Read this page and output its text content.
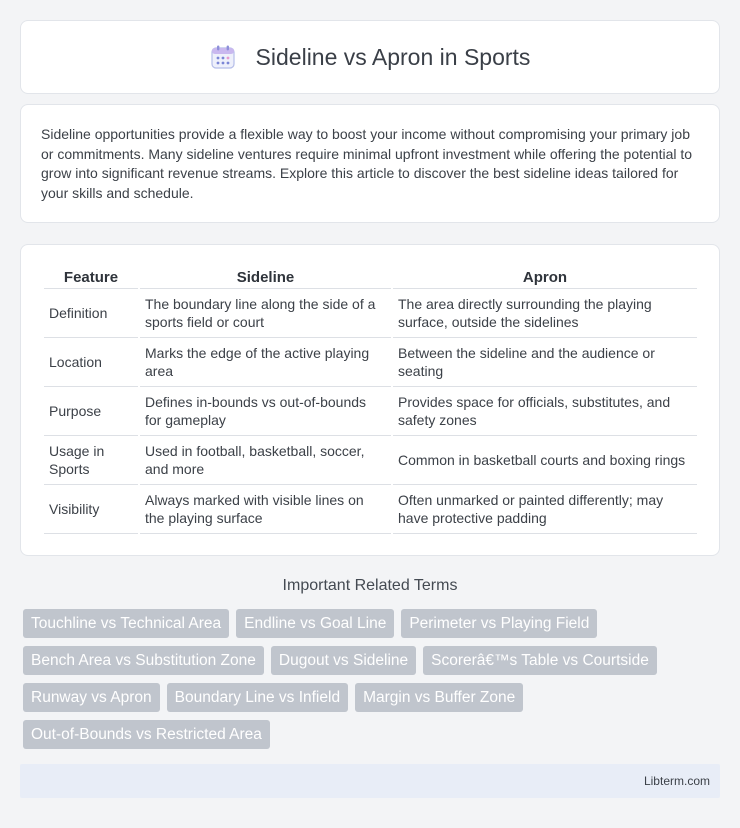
Sideline vs Apron in Sports

Sideline opportunities provide a flexible way to boost your income without compromising your primary job or commitments. Many sideline ventures require minimal upfront investment while offering the potential to grow into significant revenue streams. Explore this article to discover the best sideline ideas tailored for your skills and schedule.

Feature	Sideline	Apron
Definition	The boundary line along the side of a sports field or court	The area directly surrounding the playing surface, outside the sidelines
Location	Marks the edge of the active playing area	Between the sideline and the audience or seating
Purpose	Defines in-bounds vs out-of-bounds for gameplay	Provides space for officials, substitutes, and safety zones
Usage in Sports	Used in football, basketball, soccer, and more	Common in basketball courts and boxing rings
Visibility	Always marked with visible lines on the playing surface	Often unmarked or painted differently; may have protective padding
Important Related Terms
Touchline vs Technical Area	Endline vs Goal Line	Perimeter vs Playing Field
Bench Area vs Substitution Zone	Dugout vs Sideline	Scorerâ€™s Table vs Courtside
Runway vs Apron	Boundary Line vs Infield	Margin vs Buffer Zone
Out-of-Bounds vs Restricted Area
Libterm.com
